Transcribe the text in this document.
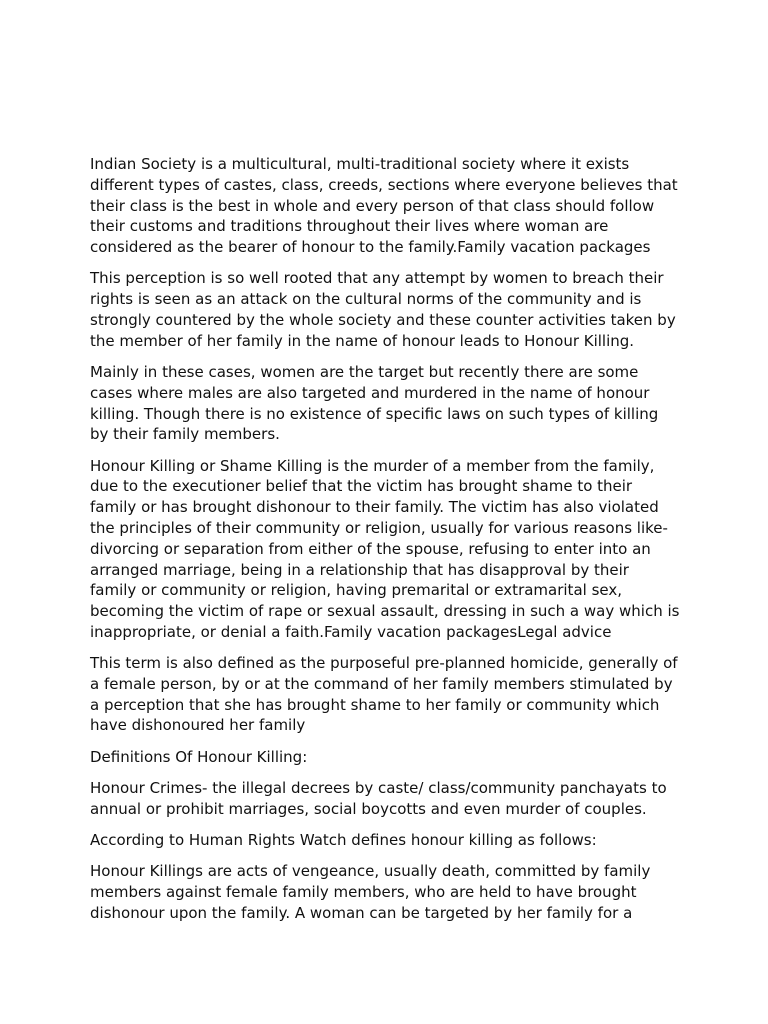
Indian Society is a multicultural, multi-traditional society where it exists different types of castes, class, creeds, sections where everyone believes that their class is the best in whole and every person of that class should follow their customs and traditions throughout their lives where woman are considered as the bearer of honour to the family.Family vacation packages

This perception is so well rooted that any attempt by women to breach their rights is seen as an attack on the cultural norms of the community and is strongly countered by the whole society and these counter activities taken by the member of her family in the name of honour leads to Honour Killing.

Mainly in these cases, women are the target but recently there are some cases where males are also targeted and murdered in the name of honour killing. Though there is no existence of specific laws on such types of killing by their family members.

Honour Killing or Shame Killing is the murder of a member from the family, due to the executioner belief that the victim has brought shame to their family or has brought dishonour to their family. The victim has also violated the principles of their community or religion, usually for various reasons like-divorcing or separation from either of the spouse, refusing to enter into an arranged marriage, being in a relationship that has disapproval by their family or community or religion, having premarital or extramarital sex, becoming the victim of rape or sexual assault, dressing in such a way which is inappropriate, or denial a faith.Family vacation packagesLegal advice

This term is also defined as the purposeful pre-planned homicide, generally of a female person, by or at the command of her family members stimulated by a perception that she has brought shame to her family or community which have dishonoured her family

Definitions Of Honour Killing:

Honour Crimes- the illegal decrees by caste/ class/community panchayats to annual or prohibit marriages, social boycotts and even murder of couples.

According to Human Rights Watch defines honour killing as follows:

Honour Killings are acts of vengeance, usually death, committed by family members against female family members, who are held to have brought dishonour upon the family. A woman can be targeted by her family for a
